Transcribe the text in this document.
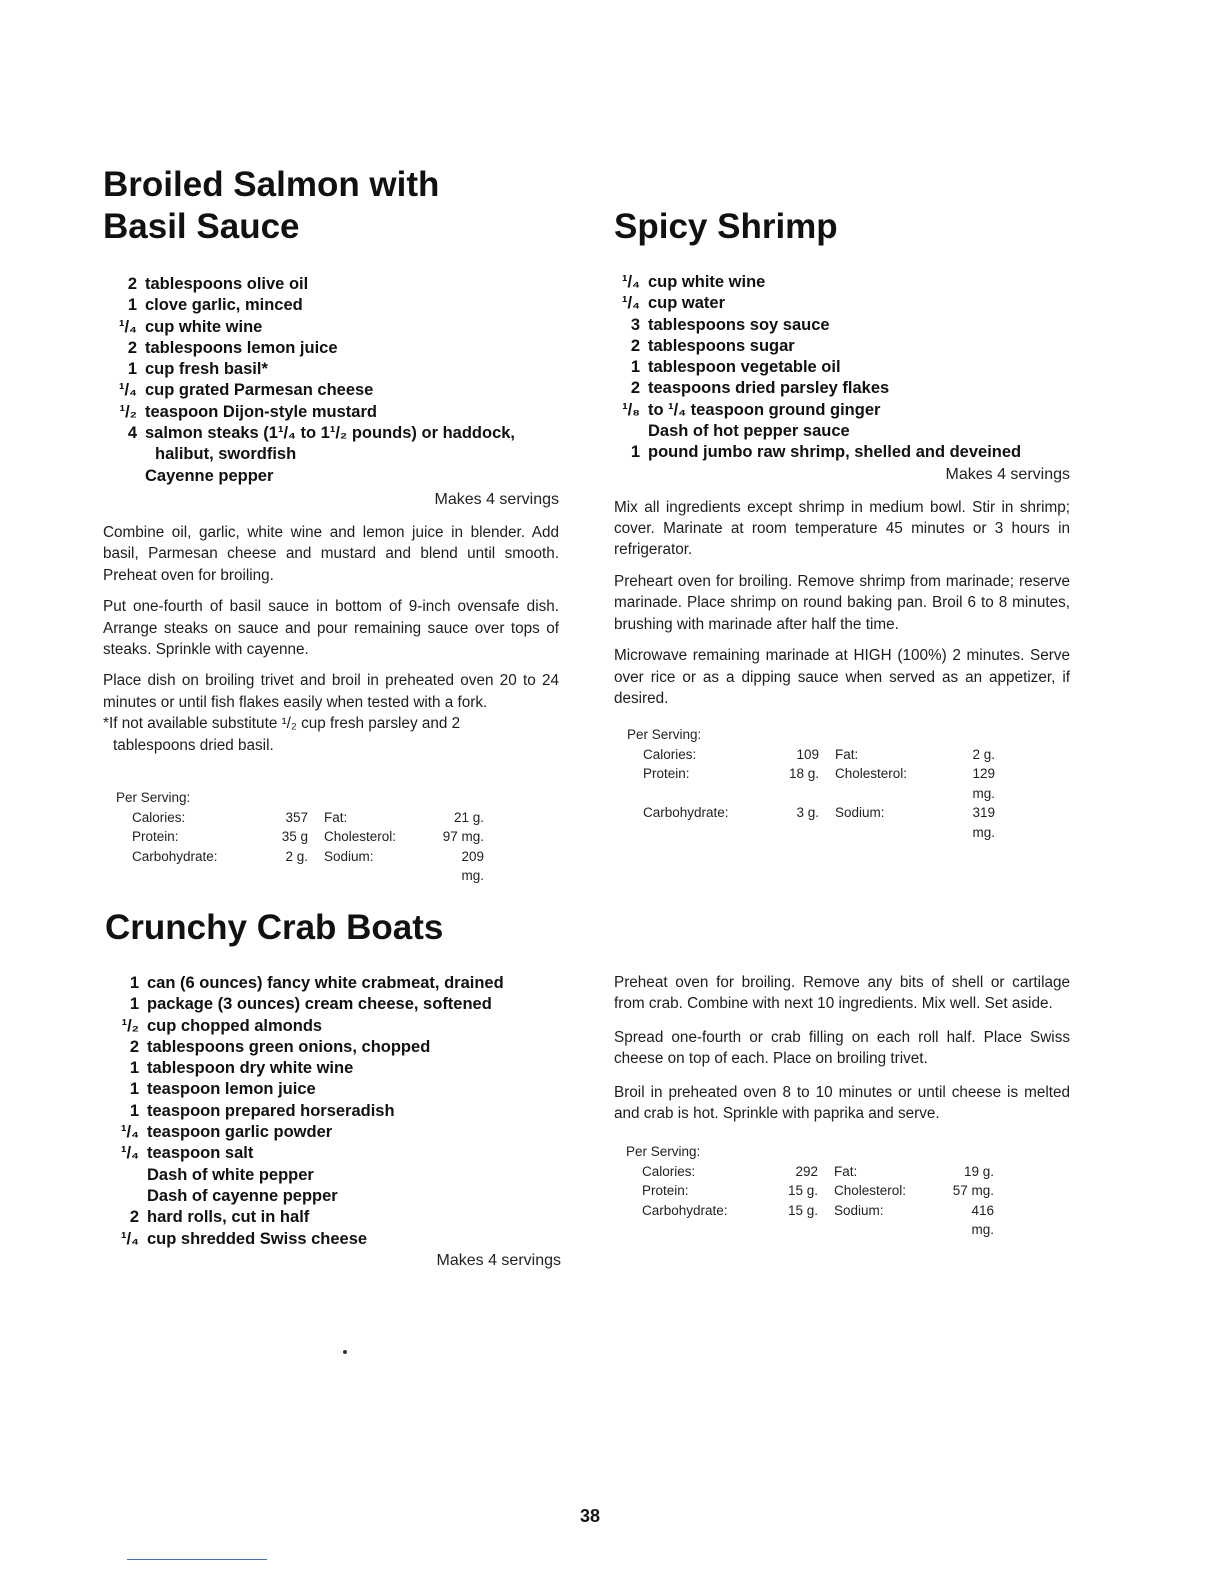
Broiled Salmon with
Basil Sauce
2 tablespoons olive oil
1 clove garlic, minced
¹/₄ cup white wine
2 tablespoons lemon juice
1 cup fresh basil*
¹/₄ cup grated Parmesan cheese
¹/₂ teaspoon Dijon-style mustard
4 salmon steaks (1¹/₄ to 1¹/₂ pounds) or haddock,
halibut, swordfish
Cayenne pepper
Makes 4 servings

Combine oil, garlic, white wine and lemon juice in blender. Add basil, Parmesan cheese and mustard and blend until smooth. Preheat oven for broiling.

Put one-fourth of basil sauce in bottom of 9-inch ovensafe dish. Arrange steaks on sauce and pour remaining sauce over tops of steaks. Sprinkle with cayenne.

Place dish on broiling trivet and broil in preheated oven 20 to 24 minutes or until fish flakes easily when tested with a fork.

*If not available substitute ¹/₂ cup fresh parsley and 2
tablespoons dried basil.

Per Serving:
Calories:	357	Fat:	21 g.
Protein:	35 g	Cholesterol:	97 mg.
Carbohydrate:	2 g.	Sodium:	209 mg.
Spicy Shrimp
¹/₄ cup white wine
¹/₄ cup water
3 tablespoons soy sauce
2 tablespoons sugar
1 tablespoon vegetable oil
2 teaspoons dried parsley flakes
¹/₈ to ¹/₄ teaspoon ground ginger
Dash of hot pepper sauce
1 pound jumbo raw shrimp, shelled and deveined
Makes 4 servings

Mix all ingredients except shrimp in medium bowl. Stir in shrimp; cover. Marinate at room temperature 45 minutes or 3 hours in refrigerator.

Preheart oven for broiling. Remove shrimp from marinade; reserve marinade. Place shrimp on round baking pan. Broil 6 to 8 minutes, brushing with marinade after half the time.

Microwave remaining marinade at HIGH (100%) 2 minutes. Serve over rice or as a dipping sauce when served as an appetizer, if desired.

Per Serving:
Calories:	109	Fat:	2 g.
Protein:	18 g.	Cholesterol:	129 mg.
Carbohydrate:	3 g.	Sodium:	319 mg.
Crunchy Crab Boats
1 can (6 ounces) fancy white crabmeat, drained
1 package (3 ounces) cream cheese, softened
¹/₂ cup chopped almonds
2 tablespoons green onions, chopped
1 tablespoon dry white wine
1 teaspoon lemon juice
1 teaspoon prepared horseradish
¹/₄ teaspoon garlic powder
¹/₄ teaspoon salt
Dash of white pepper
Dash of cayenne pepper
2 hard rolls, cut in half
¹/₄ cup shredded Swiss cheese
Makes 4 servings

Preheat oven for broiling. Remove any bits of shell or cartilage from crab. Combine with next 10 ingredients. Mix well. Set aside.

Spread one-fourth or crab filling on each roll half. Place Swiss cheese on top of each. Place on broiling trivet.

Broil in preheated oven 8 to 10 minutes or until cheese is melted and crab is hot. Sprinkle with paprika and serve.

Per Serving:
Calories:	292	Fat:	19 g.
Protein:	15 g.	Cholesterol:	57 mg.
Carbohydrate:	15 g.	Sodium:	416 mg.
38
